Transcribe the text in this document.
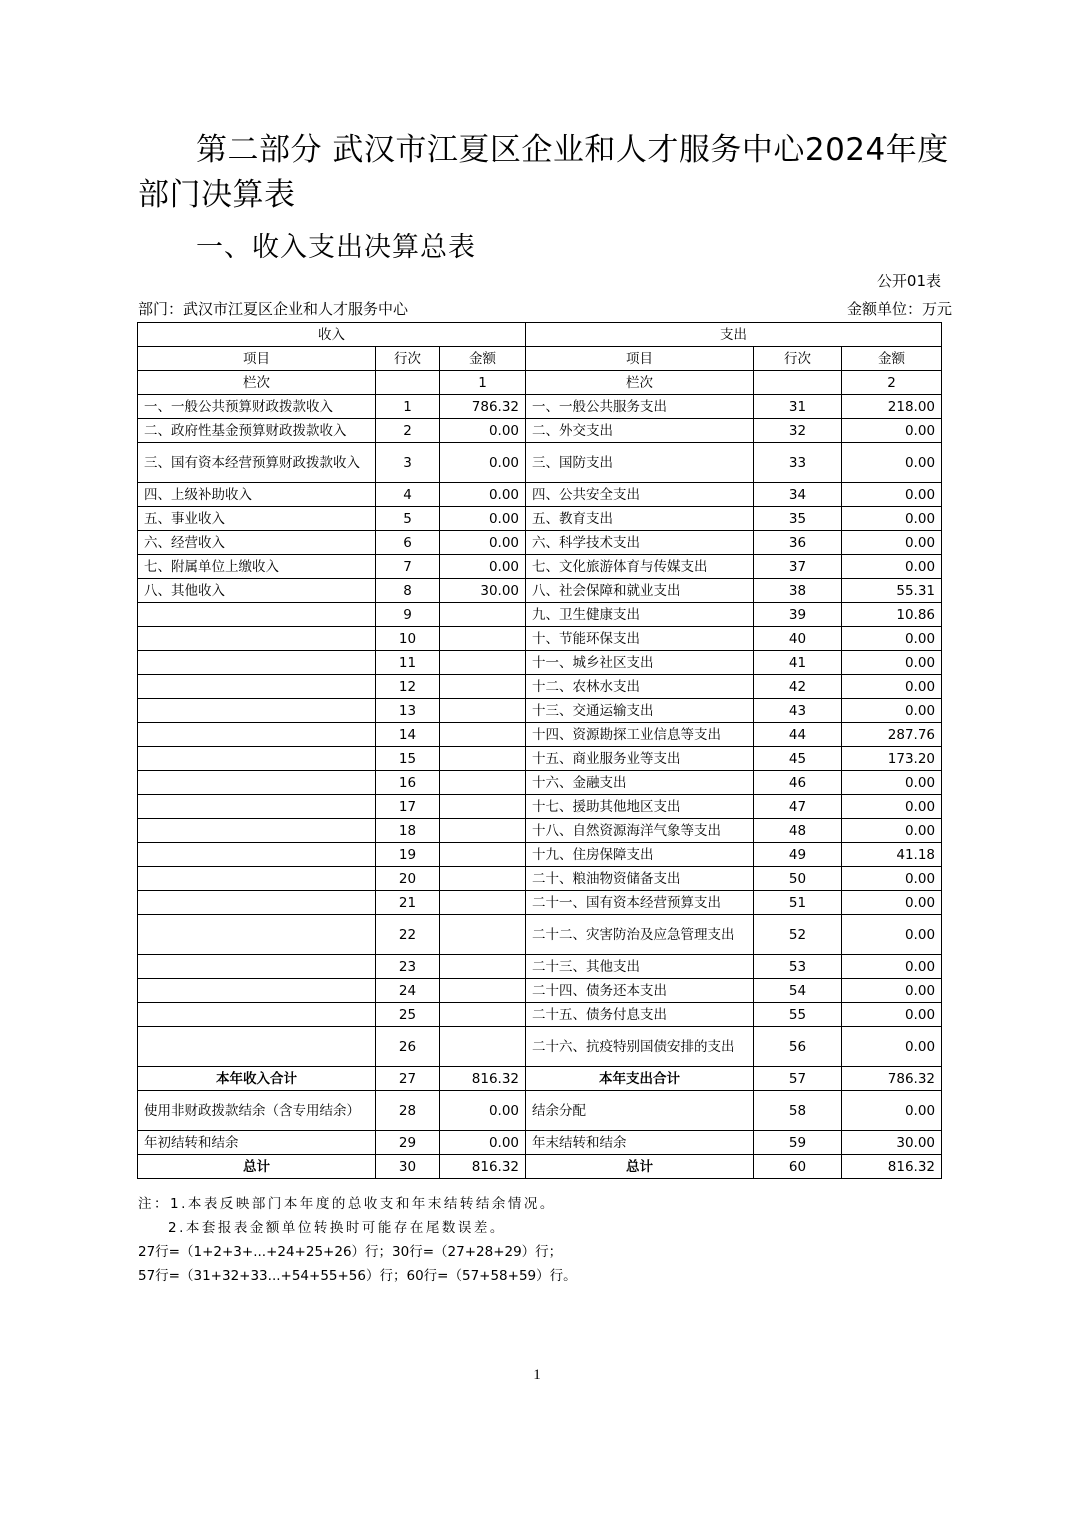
第二部分 武汉市江夏区企业和人才服务中心2024年度部门决算表
一、收入支出决算总表
公开01表
部门：武汉市江夏区企业和人才服务中心	金额单位：万元
收入			支出		
项目	行次	金额	项目	行次	金额
栏次		1	栏次		2
一、一般公共预算财政拨款收入	1	786.32	一、一般公共服务支出	31	218.00
二、政府性基金预算财政拨款收入	2	0.00	二、外交支出	32	0.00
三、国有资本经营预算财政拨款收入	3	0.00	三、国防支出	33	0.00
四、上级补助收入	4	0.00	四、公共安全支出	34	0.00
五、事业收入	5	0.00	五、教育支出	35	0.00
六、经营收入	6	0.00	六、科学技术支出	36	0.00
七、附属单位上缴收入	7	0.00	七、文化旅游体育与传媒支出	37	0.00
八、其他收入	8	30.00	八、社会保障和就业支出	38	55.31
	9		九、卫生健康支出	39	10.86
	10		十、节能环保支出	40	0.00
	11		十一、城乡社区支出	41	0.00
	12		十二、农林水支出	42	0.00
	13		十三、交通运输支出	43	0.00
	14		十四、资源勘探工业信息等支出	44	287.76
	15		十五、商业服务业等支出	45	173.20
	16		十六、金融支出	46	0.00
	17		十七、援助其他地区支出	47	0.00
	18		十八、自然资源海洋气象等支出	48	0.00
	19		十九、住房保障支出	49	41.18
	20		二十、粮油物资储备支出	50	0.00
	21		二十一、国有资本经营预算支出	51	0.00
	22		二十二、灾害防治及应急管理支出	52	0.00
	23		二十三、其他支出	53	0.00
	24		二十四、债务还本支出	54	0.00
	25		二十五、债务付息支出	55	0.00
	26		二十六、抗疫特别国债安排的支出	56	0.00
本年收入合计	27	816.32	本年支出合计	57	786.32
使用非财政拨款结余（含专用结余）	28	0.00	结余分配	58	0.00
年初结转和结余	29	0.00	年末结转和结余	59	30.00
总计	30	816.32	总计	60	816.32
注：1.本表反映部门本年度的总收支和年末结转结余情况。
2.本套报表金额单位转换时可能存在尾数误差。
27行=（1+2+3+...+24+25+26）行；30行=（27+28+29）行；
57行=（31+32+33...+54+55+56）行；60行=（57+58+59）行。
1
